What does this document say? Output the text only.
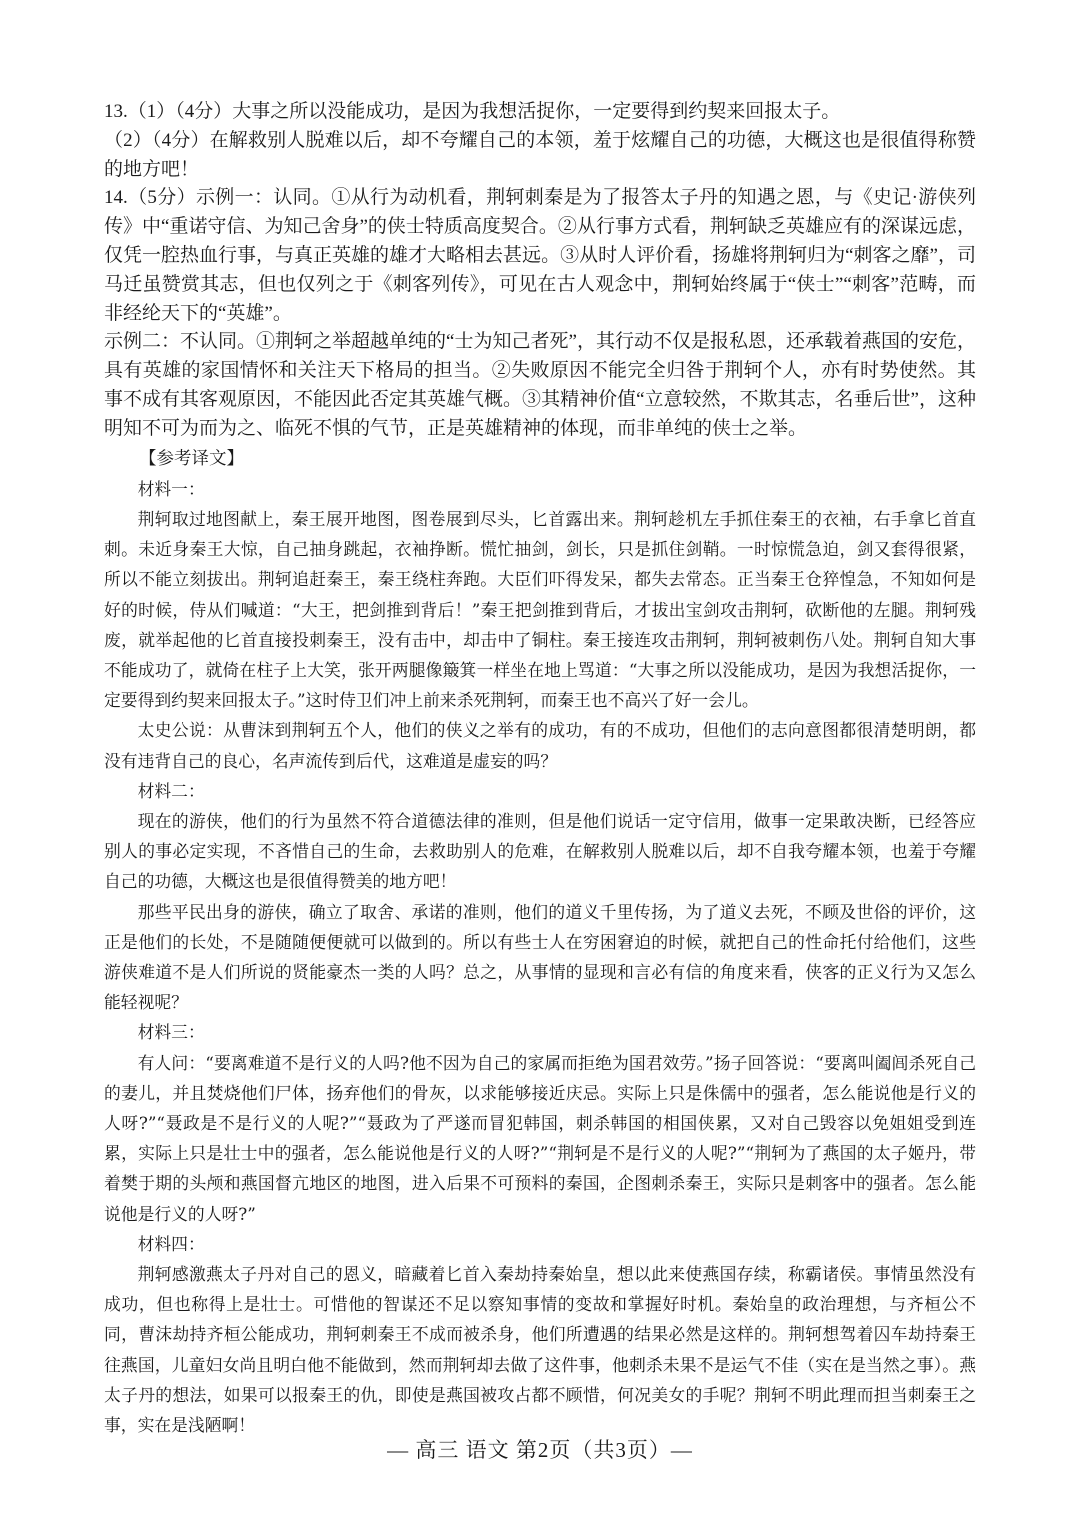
13.（1）（4分）大事之所以没能成功，是因为我想活捉你，一定要得到约契来回报太子。

（2）（4分）在解救别人脱难以后，却不夸耀自己的本领，羞于炫耀自己的功德，大概这也是很值得称赞的地方吧！

14.（5分）示例一：认同。①从行为动机看，荆轲刺秦是为了报答太子丹的知遇之恩，与《史记·游侠列传》中“重诺守信、为知己舍身”的侠士特质高度契合。②从行事方式看，荆轲缺乏英雄应有的深谋远虑，仅凭一腔热血行事，与真正英雄的雄才大略相去甚远。③从时人评价看，扬雄将荆轲归为“刺客之靡”，司马迁虽赞赏其志，但也仅列之于《刺客列传》，可见在古人观念中，荆轲始终属于“侠士”“刺客”范畴，而非经纶天下的“英雄”。

示例二：不认同。①荆轲之举超越单纯的“士为知己者死”，其行动不仅是报私恩，还承载着燕国的安危，具有英雄的家国情怀和关注天下格局的担当。②失败原因不能完全归咎于荆轲个人，亦有时势使然。其事不成有其客观原因，不能因此否定其英雄气概。③其精神价值“立意较然，不欺其志，名垂后世”，这种明知不可为而为之、临死不惧的气节，正是英雄精神的体现，而非单纯的侠士之举。

【参考译文】

材料一：

荆轲取过地图献上，秦王展开地图，图卷展到尽头，匕首露出来。荆轲趁机左手抓住秦王的衣袖，右手拿匕首直刺。未近身秦王大惊，自己抽身跳起，衣袖挣断。慌忙抽剑，剑长，只是抓住剑鞘。一时惊慌急迫，剑又套得很紧，所以不能立刻拔出。荆轲追赶秦王，秦王绕柱奔跑。大臣们吓得发呆，都失去常态。正当秦王仓猝惶急，不知如何是好的时候，侍从们喊道：“大王，把剑推到背后！”秦王把剑推到背后，才拔出宝剑攻击荆轲，砍断他的左腿。荆轲残废，就举起他的匕首直接投刺秦王，没有击中，却击中了铜柱。秦王接连攻击荆轲，荆轲被刺伤八处。荆轲自知大事不能成功了，就倚在柱子上大笑，张开两腿像簸箕一样坐在地上骂道：“大事之所以没能成功，是因为我想活捉你，一定要得到约契来回报太子。”这时侍卫们冲上前来杀死荆轲，而秦王也不高兴了好一会儿。

太史公说：从曹沫到荆轲五个人，他们的侠义之举有的成功，有的不成功，但他们的志向意图都很清楚明朗，都没有违背自己的良心，名声流传到后代，这难道是虚妄的吗？

材料二：

现在的游侠，他们的行为虽然不符合道德法律的准则，但是他们说话一定守信用，做事一定果敢决断，已经答应别人的事必定实现，不吝惜自己的生命，去救助别人的危难，在解救别人脱难以后，却不自我夸耀本领，也羞于夸耀自己的功德，大概这也是很值得赞美的地方吧！

那些平民出身的游侠，确立了取舍、承诺的准则，他们的道义千里传扬，为了道义去死，不顾及世俗的评价，这正是他们的长处，不是随随便便就可以做到的。所以有些士人在穷困窘迫的时候，就把自己的性命托付给他们，这些游侠难道不是人们所说的贤能豪杰一类的人吗？总之，从事情的显现和言必有信的角度来看，侠客的正义行为又怎么能轻视呢？

材料三：

有人问：“要离难道不是行义的人吗?他不因为自己的家属而拒绝为国君效劳。”扬子回答说：“要离叫阖闾杀死自己的妻儿，并且焚烧他们尸体，扬弃他们的骨灰，以求能够接近庆忌。实际上只是侏儒中的强者，怎么能说他是行义的人呀?”“聂政是不是行义的人呢?”“聂政为了严遂而冒犯韩国，刺杀韩国的相国侠累，又对自己毁容以免姐姐受到连累，实际上只是壮士中的强者，怎么能说他是行义的人呀?”“荆轲是不是行义的人呢?”“荆轲为了燕国的太子姬丹，带着樊于期的头颅和燕国督亢地区的地图，进入后果不可预料的秦国，企图刺杀秦王，实际只是刺客中的强者。怎么能说他是行义的人呀?”

材料四：

荆轲感激燕太子丹对自己的恩义，暗藏着匕首入秦劫持秦始皇，想以此来使燕国存续，称霸诸侯。事情虽然没有成功，但也称得上是壮士。可惜他的智谋还不足以察知事情的变故和掌握好时机。秦始皇的政治理想，与齐桓公不同，曹沫劫持齐桓公能成功，荆轲刺秦王不成而被杀身，他们所遭遇的结果必然是这样的。荆轲想驾着囚车劫持秦王往燕国，儿童妇女尚且明白他不能做到，然而荆轲却去做了这件事，他刺杀未果不是运气不佳（实在是当然之事）。燕太子丹的想法，如果可以报秦王的仇，即使是燕国被攻占都不顾惜，何况美女的手呢？荆轲不明此理而担当刺秦王之事，实在是浅陋啊！

— 高三 语文 第2页（共3页）—
